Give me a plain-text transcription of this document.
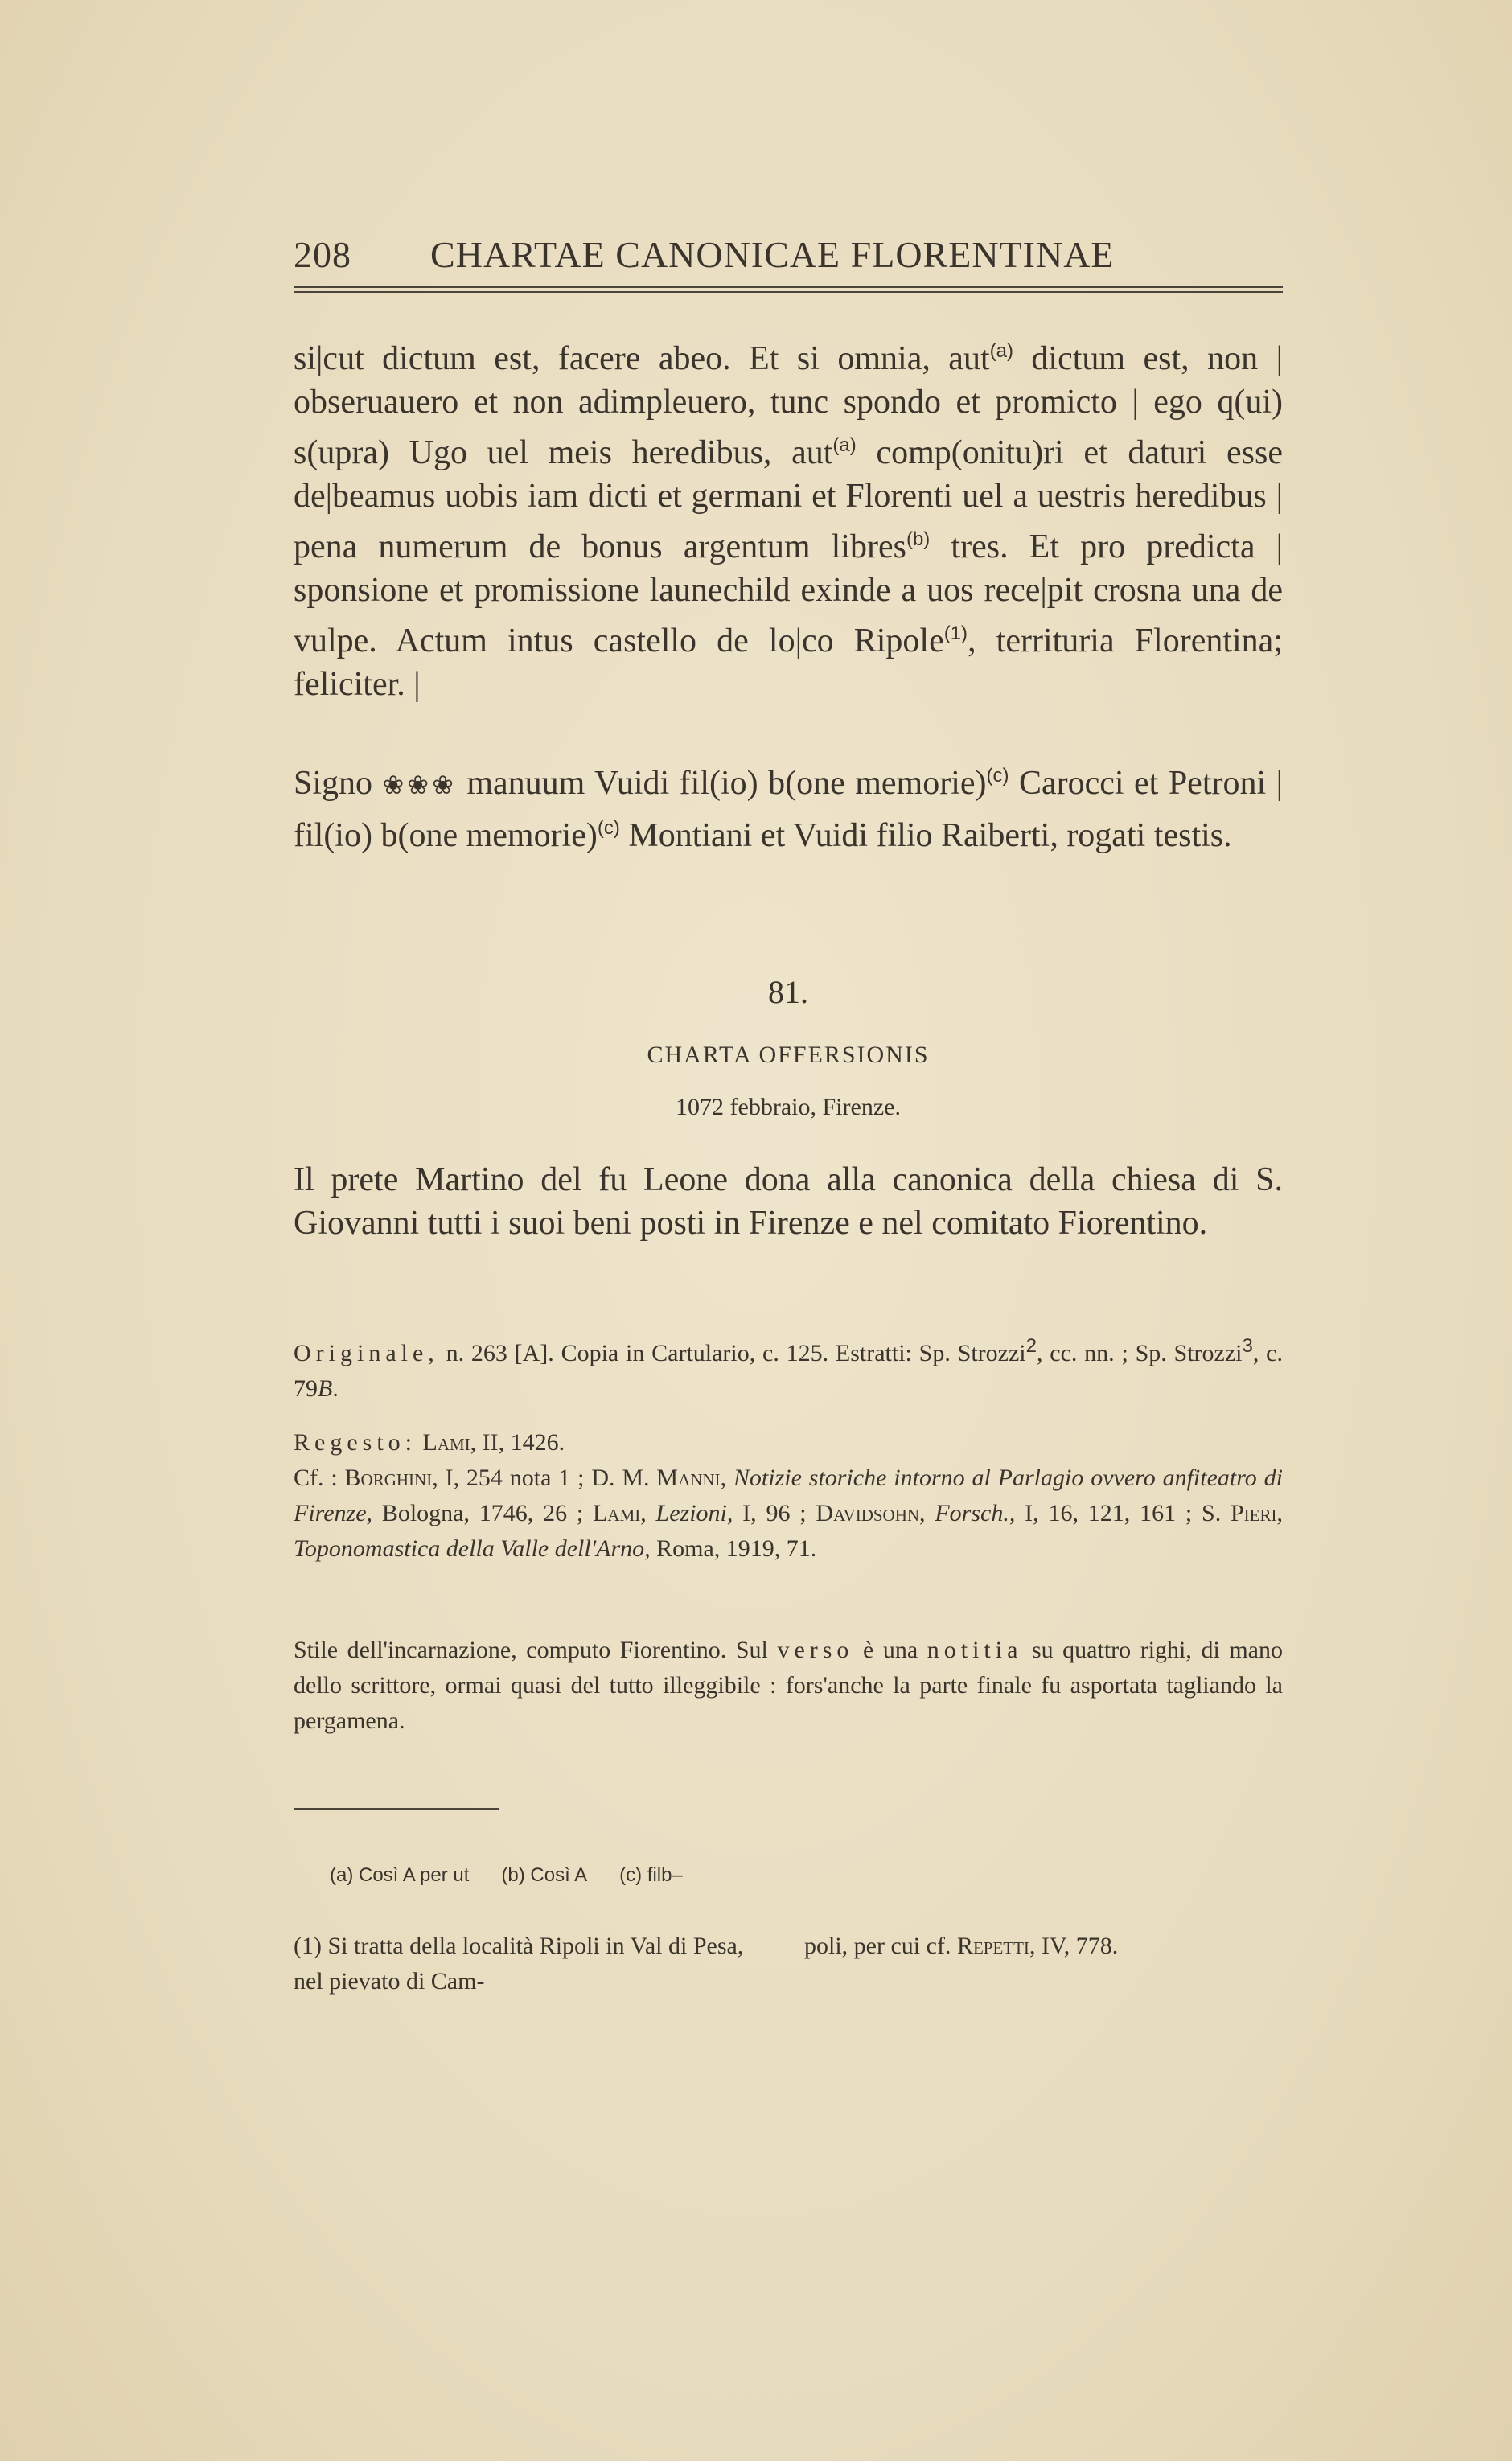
208 CHARTAE CANONICAE FLORENTINAE

si|cut dictum est, facere abeo. Et si omnia, aut$^{(a)}$ dictum est, non | obseruauero et non adimpleuero, tunc spondo et promicto | ego q(ui) s(upra) Ugo uel meis heredibus, aut$^{(a)}$ comp(onitu)ri et daturi esse de|beamus uobis iam dicti et germani et Florenti uel a uestris heredibus | pena numerum de bonus argentum libres$^{(b)}$ tres. Et pro predicta | sponsione et promissione launechild exinde a uos rece|pit crosna una de vulpe. Actum intus castello de lo|co Ripole$^{(1)}$, territuria Florentina; feliciter. |

Signo ❀❀❀ manuum Vuidi fil(io) b(one memorie)$^{(c)}$ Carocci et Petroni | fil(io) b(one memorie)$^{(c)}$ Montiani et Vuidi filio Raiberti, rogati testis.

81.

CHARTA OFFERSIONIS

1072 febbraio, Firenze.

Il prete Martino del fu Leone dona alla canonica della chiesa di S. Giovanni tutti i suoi beni posti in Firenze e nel comitato Fiorentino.

Originale, n. 263 [A]. Copia in Cartulario, c. 125. Estratti: Sp. Strozzi$^2$, cc. nn. ; Sp. Strozzi$^3$, c. 79B.

Regesto: Lami, II, 1426.
Cf. : Borghini, I, 254 nota 1 ; D. M. Manni, Notizie storiche intorno al Parlagio ovvero anfiteatro di Firenze, Bologna, 1746, 26 ; Lami, Lezioni, I, 96 ; Davidsohn, Forsch., I, 16, 121, 161 ; S. Pieri, Toponomastica della Valle dell'Arno, Roma, 1919, 71.

Stile dell'incarnazione, computo Fiorentino. Sul verso è una notitia su quattro righi, di mano dello scrittore, ormai quasi del tutto illeggibile : fors'anche la parte finale fu asportata tagliando la pergamena.

(a) Così A per ut (b) Così A (c) filb–

(1) Si tratta della località Ripoli in Val di Pesa, nel pievato di Cam-

poli, per cui cf. Repetti, IV, 778.
